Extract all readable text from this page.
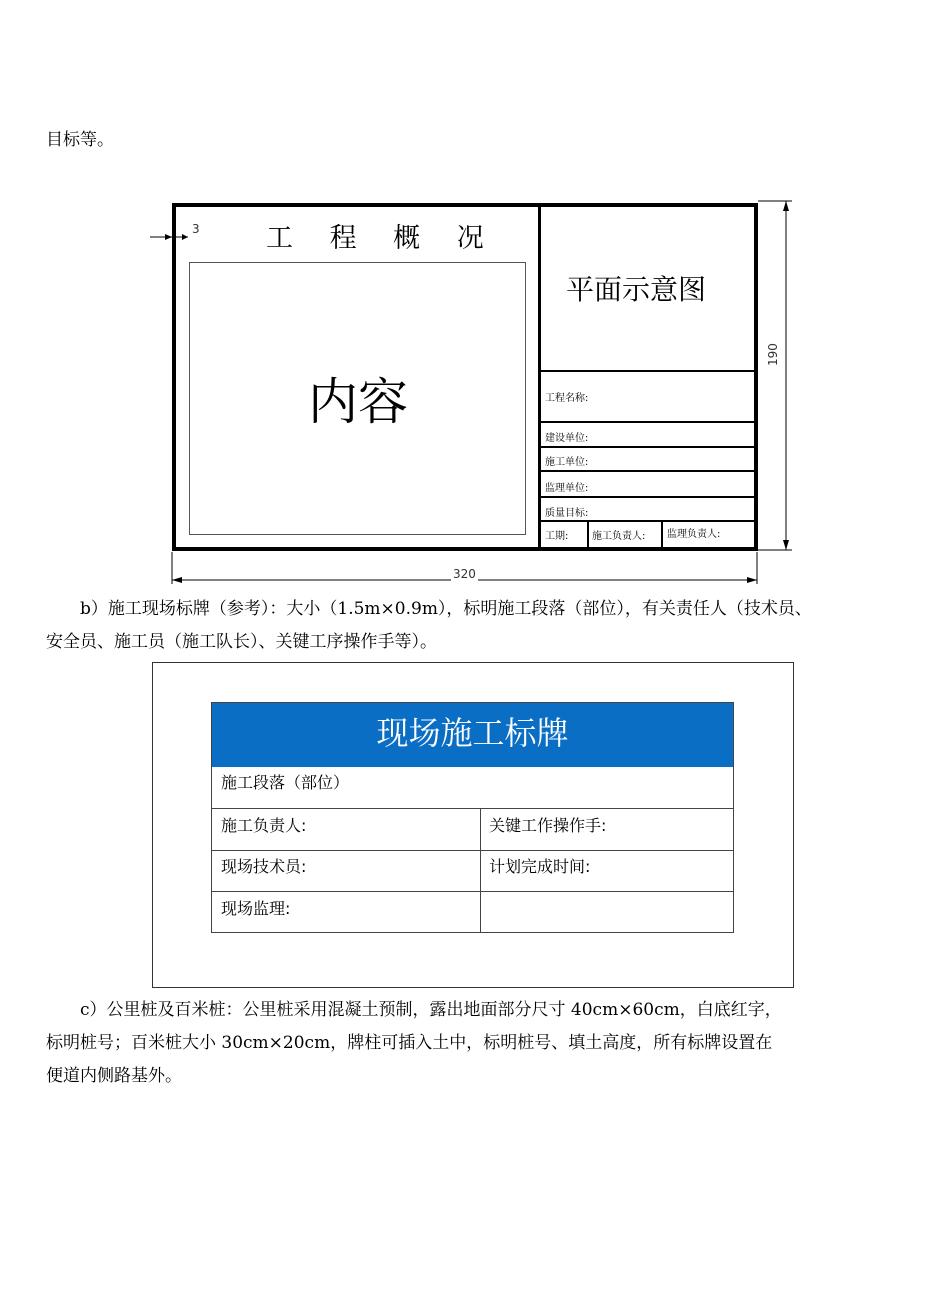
目标等。
工 程 概 况
内容
平面示意图
工程名称:
建设单位:
施工单位:
监理单位:
质量目标:
工期: 施工负责人: 监理负责人:
3
190
320
b）施工现场标牌（参考）：大小（1.5m×0.9m），标明施工段落（部位），有关责任人（技术员、
安全员、施工员（施工队长）、关键工序操作手等）。
现场施工标牌
施工段落（部位）
施工负责人:	关键工作操作手:
现场技术员:	计划完成时间:
现场监理:
c）公里桩及百米桩：公里桩采用混凝土预制，露出地面部分尺寸 40cm×60cm，白底红字，
标明桩号；百米桩大小 30cm×20cm，牌柱可插入土中，标明桩号、填土高度，所有标牌设置在
便道内侧路基外。
